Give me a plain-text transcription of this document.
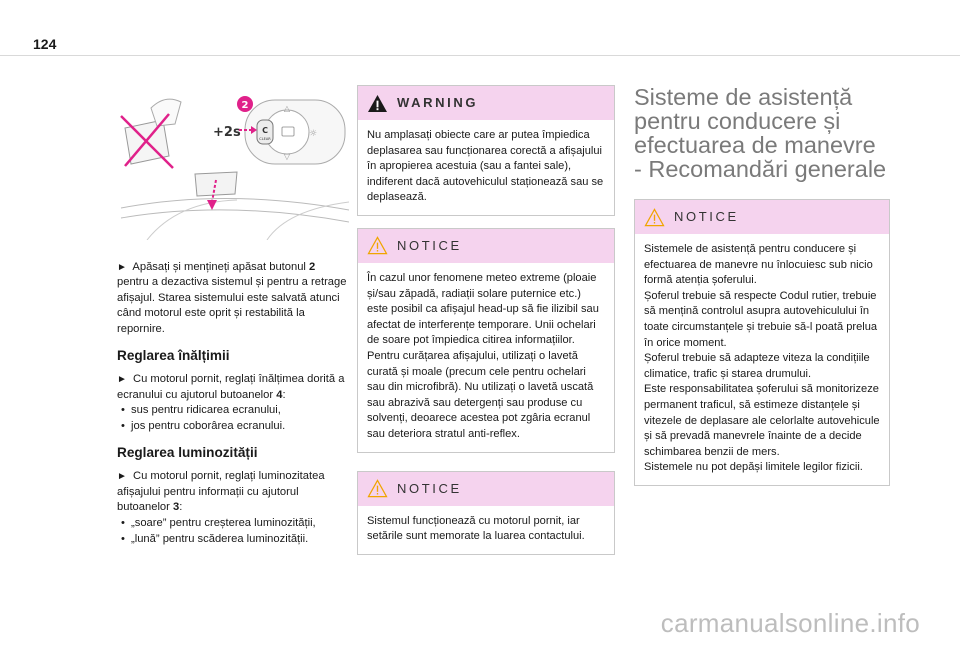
124
△
▽
☼
C
CLEAR
+2s
2

► Apăsați și mențineți apăsat butonul 2 pentru a dezactiva sistemul și pentru a retrage afișajul. Starea sistemului este salvată atunci când motorul este oprit și restabilită la repornire.

Reglarea înălțimii

► Cu motorul pornit, reglați înălțimea dorită a ecranului cu ajutorul butoanelor 4:

• sus pentru ridicarea ecranului,
• jos pentru coborârea ecranului.
Reglarea luminozității

► Cu motorul pornit, reglați luminozitatea afișajului pentru informații cu ajutorul butoanelor 3:

• „soare” pentru creșterea luminozității,
• „lună” pentru scăderea luminozității.
WARNING
Nu amplasați obiecte care ar putea împiedica deplasarea sau funcționarea corectă a afișajului în apropierea acestuia (sau a fantei sale), indiferent dacă autovehiculul staționează sau se deplasează.
NOTICE

În cazul unor fenomene meteo extreme (ploaie și/sau zăpadă, radiații solare puternice etc.) este posibil ca afișajul head-up să fie ilizibil sau afectat de interferențe temporare. Unii ochelari de soare pot împiedica citirea informațiilor.

Pentru curățarea afișajului, utilizați o lavetă curată și moale (precum cele pentru ochelari sau din microfibră). Nu utilizați o lavetă uscată sau abrazivă sau detergenți sau produse cu solvenți, deoarece acestea pot zgâria ecranul sau deteriora stratul anti-reflex.

NOTICE
Sistemul funcționează cu motorul pornit, iar setările sunt memorate la luarea contactului.
Sisteme de asistență pentru conducere și efectuarea de manevre - Recomandări generale
NOTICE

Sistemele de asistență pentru conducere și efectuarea de manevre nu înlocuiesc sub nicio formă atenția șoferului.

Șoferul trebuie să respecte Codul rutier, trebuie să mențină controlul asupra autovehiculului în toate circumstanțele și trebuie să-l poată prelua în orice moment.

Șoferul trebuie să adapteze viteza la condițiile climatice, trafic și starea drumului.

Este responsabilitatea șoferului să monitorizeze permanent traficul, să estimeze distanțele și vitezele de deplasare ale celorlalte autovehicule și să prevadă manevrele înainte de a decide schimbarea benzii de mers.

Sistemele nu pot depăși limitele legilor fizicii.

carmanualsonline.info
